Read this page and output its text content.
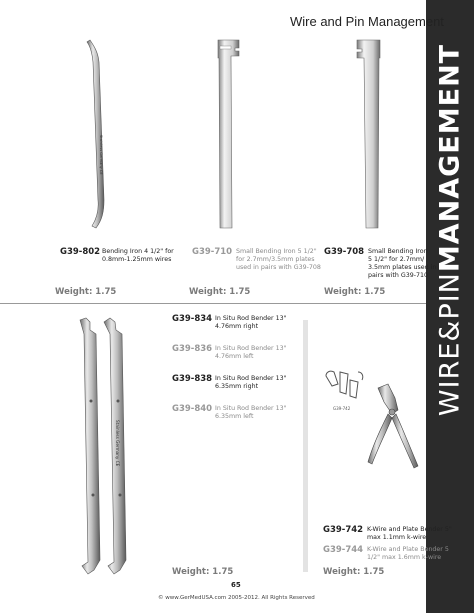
WIRE&PINMANAGEMENT
Wire and Pin Management
Stainless Germany CE
Stainless Germany CE
G39-742
G39-802 Bending Iron 4 1/2" for
0.8mm-1.25mm wires
Weight: 1.75
G39-710 Small Bending Iron 5 1/2"
for 2.7mm/3.5mm plates
used in pairs with G39-708
Weight: 1.75
G39-708 Small Bending Iron
5 1/2" for 2.7mm/
3.5mm plates used in
pairs with G39-710
Weight: 1.75
G39-834 In Situ Rod Bender 13"
4.76mm right
G39-836 In Situ Rod Bender 13"
4.76mm left
G39-838 In Situ Rod Bender 13"
6.35mm right
G39-840 In Situ Rod Bender 13"
6.35mm left
Weight: 1.75
G39-742 K-Wire and Plate Bender 5"
max 1.1mm k-wire
G39-744 K-Wire and Plate Bender 5
1/2" max 1.6mm k-wire
Weight: 1.75
65
© www.GerMedUSA.com 2005-2012. All Rights Reserved
